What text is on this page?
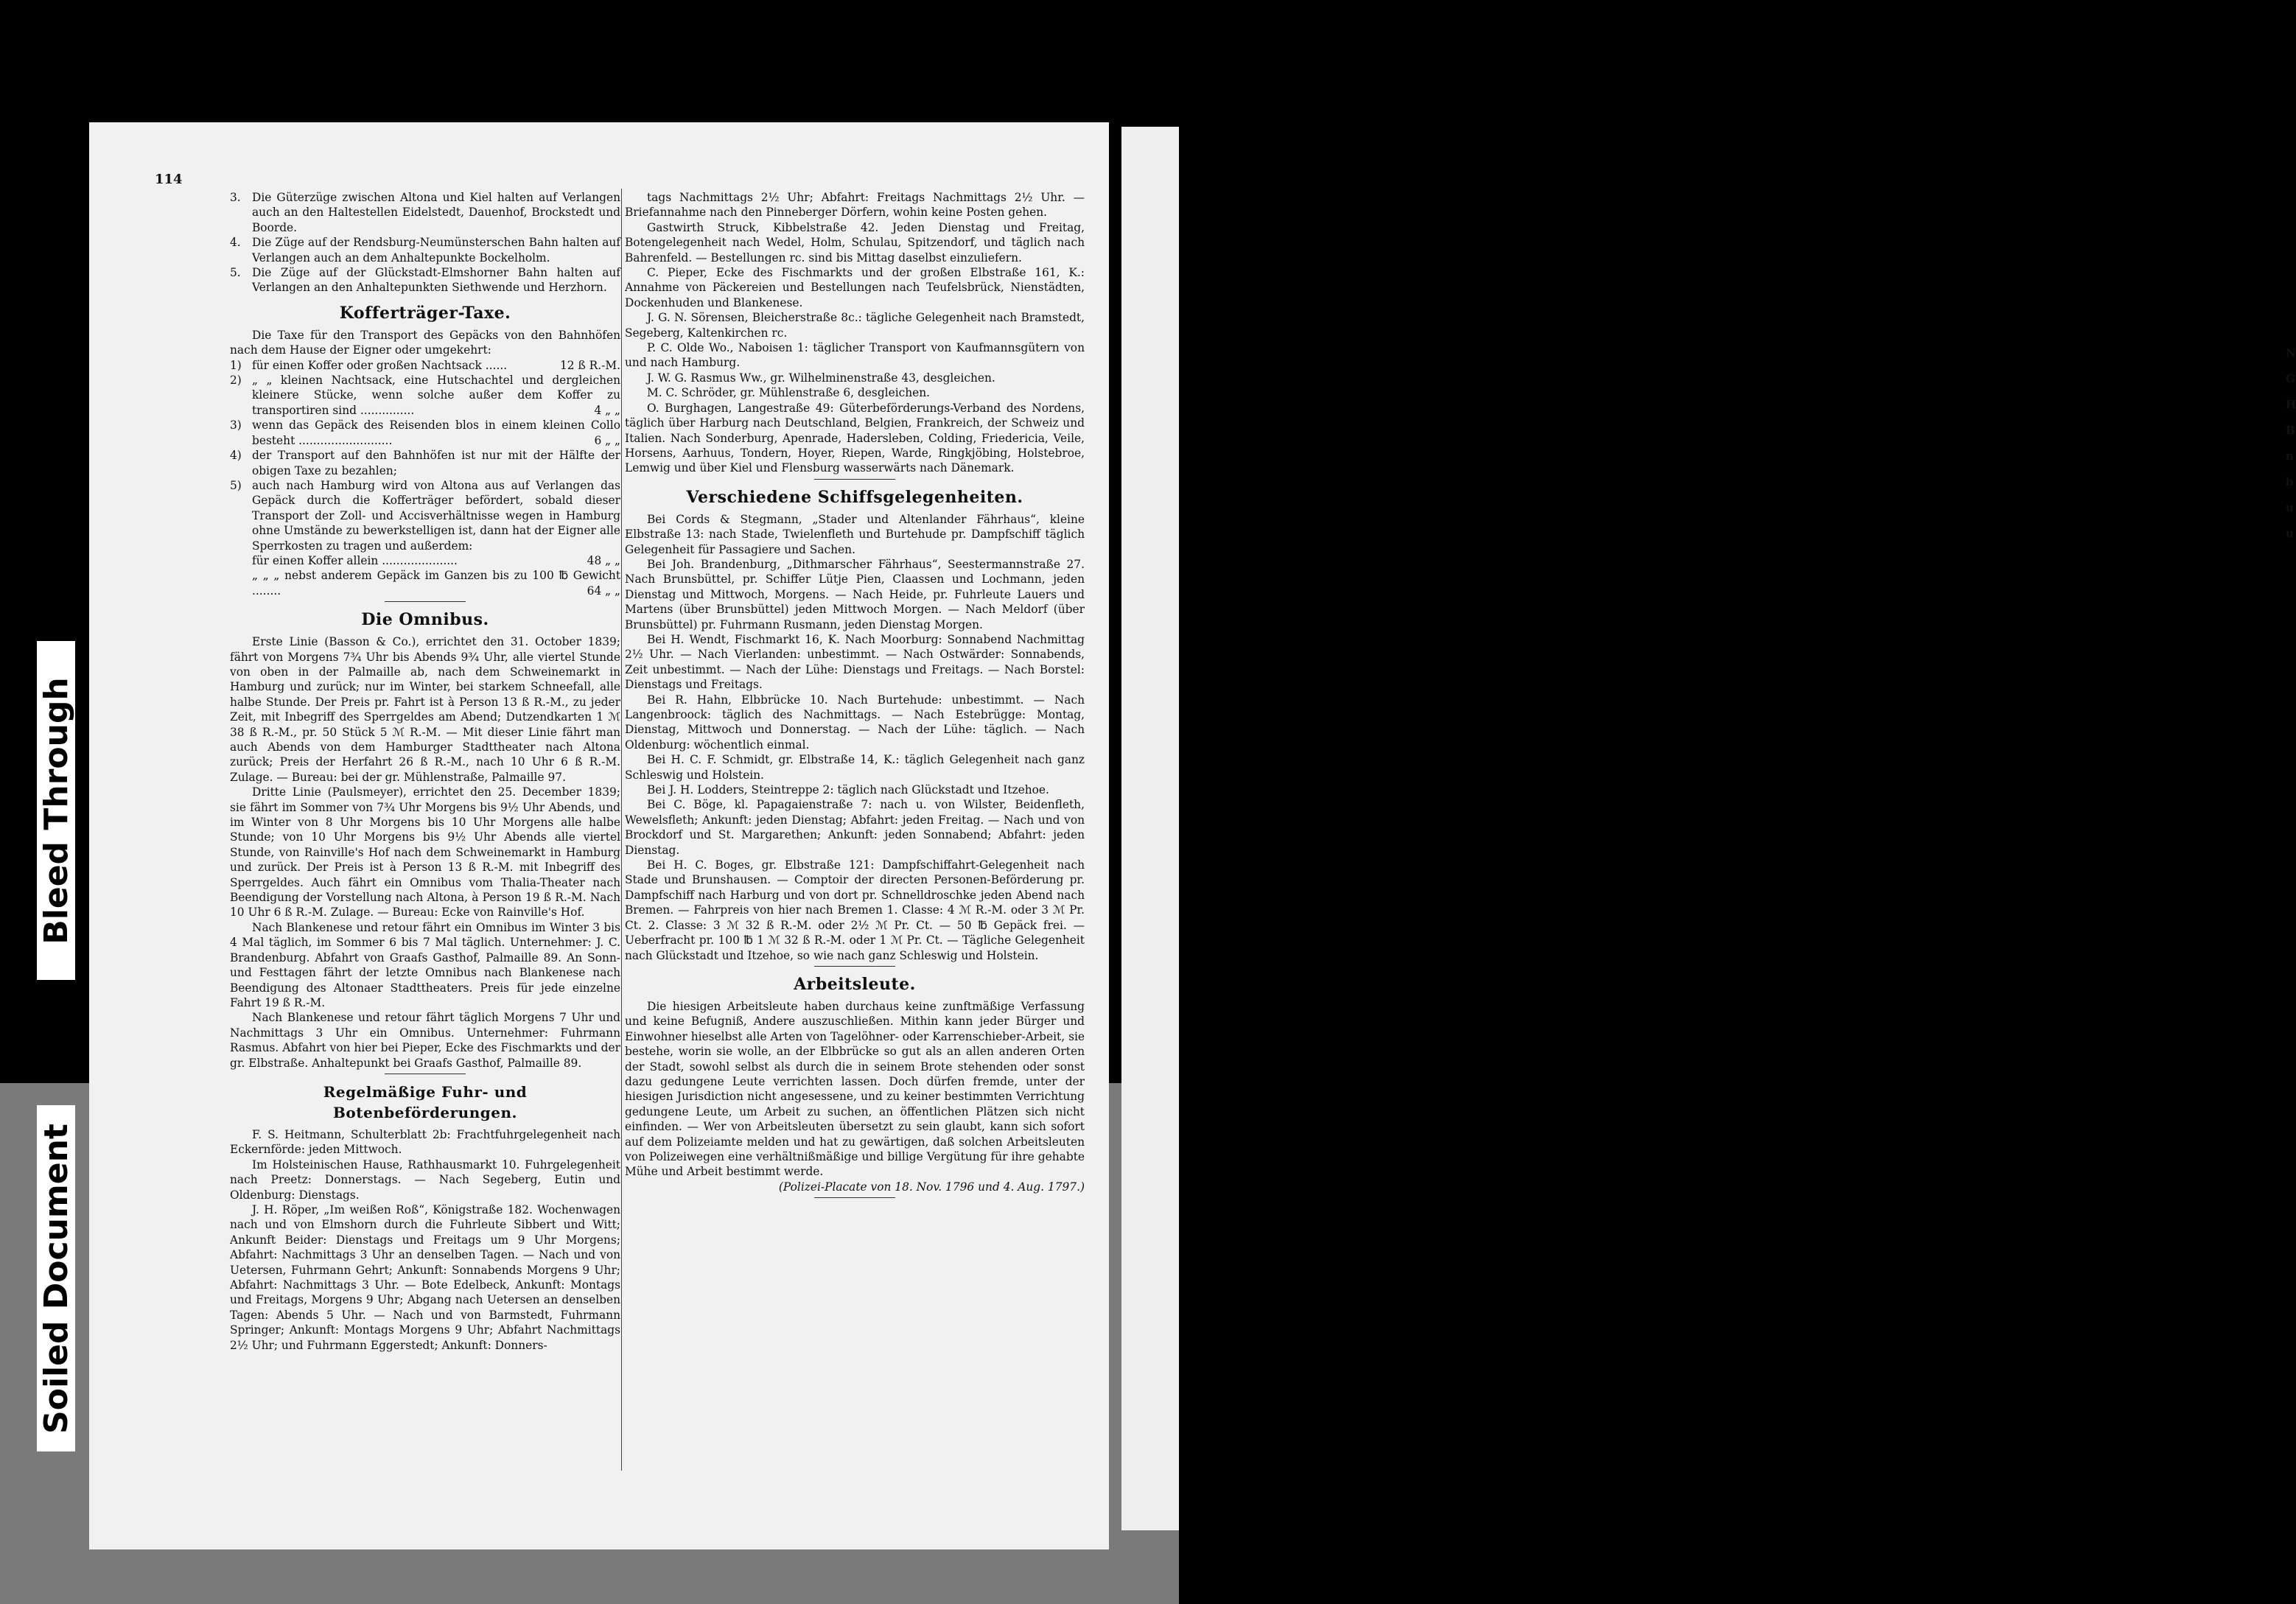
N
G
H
B
n
b
u
u
Bleed Through
Soiled Document
114
3. Die Güterzüge zwischen Altona und Kiel halten auf Verlangen auch an den Haltestellen Eidelstedt, Dauenhof, Brockstedt und Boorde.
4. Die Züge auf der Rendsburg-Neumünsterschen Bahn halten auf Verlangen auch an dem Anhaltepunkte Bockelholm.
5. Die Züge auf der Glückstadt-Elmshorner Bahn halten auf Verlangen an den Anhaltepunkten Siethwende und Herzhorn.
Kofferträger-Taxe.

Die Taxe für den Transport des Gepäcks von den Bahnhöfen nach dem Hause der Eigner oder umgekehrt:

1) für einen Koffer oder großen Nachtsack ......	12 ß R.-M.
2) „ „ kleinen Nachtsack, eine Hutschachtel und dergleichen kleinere Stücke, wenn solche außer dem Koffer zu transportiren sind ...............	4 „ „
3) wenn das Gepäck des Reisenden blos in einem kleinen Collo besteht ..........................	6 „ „
4) der Transport auf den Bahnhöfen ist nur mit der Hälfte der obigen Taxe zu bezahlen;
5) auch nach Hamburg wird von Altona aus auf Verlangen das Gepäck durch die Kofferträger befördert, sobald dieser Transport der Zoll- und Accisverhältnisse wegen in Hamburg ohne Umstände zu bewerkstelligen ist, dann hat der Eigner alle Sperrkosten zu tragen und außerdem:
für einen Koffer allein .....................	48 „ „
„ „ „ nebst anderem Gepäck im Ganzen bis zu 100 ℔ Gewicht ........	64 „ „
Die Omnibus.

Erste Linie (Basson & Co.), errichtet den 31. October 1839; fährt von Morgens 7¾ Uhr bis Abends 9¾ Uhr, alle viertel Stunde von oben in der Palmaille ab, nach dem Schweinemarkt in Hamburg und zurück; nur im Winter, bei starkem Schneefall, alle halbe Stunde. Der Preis pr. Fahrt ist à Person 13 ß R.-M., zu jeder Zeit, mit Inbegriff des Sperrgeldes am Abend; Dutzendkarten 1 ℳ 38 ß R.-M., pr. 50 Stück 5 ℳ R.-M. — Mit dieser Linie fährt man auch Abends von dem Hamburger Stadttheater nach Altona zurück; Preis der Herfahrt 26 ß R.-M., nach 10 Uhr 6 ß R.-M. Zulage. — Bureau: bei der gr. Mühlenstraße, Palmaille 97.

Dritte Linie (Paulsmeyer), errichtet den 25. December 1839; sie fährt im Sommer von 7¾ Uhr Morgens bis 9½ Uhr Abends, und im Winter von 8 Uhr Morgens bis 10 Uhr Morgens alle halbe Stunde; von 10 Uhr Morgens bis 9½ Uhr Abends alle viertel Stunde, von Rainville's Hof nach dem Schweinemarkt in Hamburg und zurück. Der Preis ist à Person 13 ß R.-M. mit Inbegriff des Sperrgeldes. Auch fährt ein Omnibus vom Thalia-Theater nach Beendigung der Vorstellung nach Altona, à Person 19 ß R.-M. Nach 10 Uhr 6 ß R.-M. Zulage. — Bureau: Ecke von Rainville's Hof.

Nach Blankenese und retour fährt ein Omnibus im Winter 3 bis 4 Mal täglich, im Sommer 6 bis 7 Mal täglich. Unternehmer: J. C. Brandenburg. Abfahrt von Graafs Gasthof, Palmaille 89. An Sonn- und Festtagen fährt der letzte Omnibus nach Blankenese nach Beendigung des Altonaer Stadttheaters. Preis für jede einzelne Fahrt 19 ß R.-M.

Nach Blankenese und retour fährt täglich Morgens 7 Uhr und Nachmittags 3 Uhr ein Omnibus. Unternehmer: Fuhrmann Rasmus. Abfahrt von hier bei Pieper, Ecke des Fischmarkts und der gr. Elbstraße. Anhaltepunkt bei Graafs Gasthof, Palmaille 89.

Regelmäßige Fuhr- und Botenbeförderungen.

F. S. Heitmann, Schulterblatt 2b: Frachtfuhrgelegenheit nach Eckernförde: jeden Mittwoch.

Im Holsteinischen Hause, Rathhausmarkt 10. Fuhrgelegenheit nach Preetz: Donnerstags. — Nach Segeberg, Eutin und Oldenburg: Dienstags.

J. H. Röper, „Im weißen Roß“, Königstraße 182. Wochenwagen nach und von Elmshorn durch die Fuhrleute Sibbert und Witt; Ankunft Beider: Dienstags und Freitags um 9 Uhr Morgens; Abfahrt: Nachmittags 3 Uhr an denselben Tagen. — Nach und von Uetersen, Fuhrmann Gehrt; Ankunft: Sonnabends Morgens 9 Uhr; Abfahrt: Nachmittags 3 Uhr. — Bote Edelbeck, Ankunft: Montags und Freitags, Morgens 9 Uhr; Abgang nach Uetersen an denselben Tagen: Abends 5 Uhr. — Nach und von Barmstedt, Fuhrmann Springer; Ankunft: Montags Morgens 9 Uhr; Abfahrt Nachmittags 2½ Uhr; und Fuhrmann Eggerstedt; Ankunft: Donners-

tags Nachmittags 2½ Uhr; Abfahrt: Freitags Nachmittags 2½ Uhr. — Briefannahme nach den Pinneberger Dörfern, wohin keine Posten gehen.

Gastwirth Struck, Kibbelstraße 42. Jeden Dienstag und Freitag, Botengelegenheit nach Wedel, Holm, Schulau, Spitzendorf, und täglich nach Bahrenfeld. — Bestellungen rc. sind bis Mittag daselbst einzuliefern.

C. Pieper, Ecke des Fischmarkts und der großen Elbstraße 161, K.: Annahme von Päckereien und Bestellungen nach Teufelsbrück, Nienstädten, Dockenhuden und Blankenese.

J. G. N. Sörensen, Bleicherstraße 8c.: tägliche Gelegenheit nach Bramstedt, Segeberg, Kaltenkirchen rc.

P. C. Olde Wo., Naboisen 1: täglicher Transport von Kaufmannsgütern von und nach Hamburg.

J. W. G. Rasmus Ww., gr. Wilhelminenstraße 43, desgleichen.

M. C. Schröder, gr. Mühlenstraße 6, desgleichen.

O. Burghagen, Langestraße 49: Güterbeförderungs-Verband des Nordens, täglich über Harburg nach Deutschland, Belgien, Frankreich, der Schweiz und Italien. Nach Sonderburg, Apenrade, Hadersleben, Colding, Friedericia, Veile, Horsens, Aarhuus, Tondern, Hoyer, Riepen, Warde, Ringkjöbing, Holstebroe, Lemwig und über Kiel und Flensburg wasserwärts nach Dänemark.

Verschiedene Schiffsgelegenheiten.

Bei Cords & Stegmann, „Stader und Altenlander Fährhaus“, kleine Elbstraße 13: nach Stade, Twielenfleth und Burtehude pr. Dampfschiff täglich Gelegenheit für Passagiere und Sachen.

Bei Joh. Brandenburg, „Dithmarscher Fährhaus“, Seestermannstraße 27. Nach Brunsbüttel, pr. Schiffer Lütje Pien, Claassen und Lochmann, jeden Dienstag und Mittwoch, Morgens. — Nach Heide, pr. Fuhrleute Lauers und Martens (über Brunsbüttel) jeden Mittwoch Morgen. — Nach Meldorf (über Brunsbüttel) pr. Fuhrmann Rusmann, jeden Dienstag Morgen.

Bei H. Wendt, Fischmarkt 16, K. Nach Moorburg: Sonnabend Nachmittag 2½ Uhr. — Nach Vierlanden: unbestimmt. — Nach Ostwärder: Sonnabends, Zeit unbestimmt. — Nach der Lühe: Dienstags und Freitags. — Nach Borstel: Dienstags und Freitags.

Bei R. Hahn, Elbbrücke 10. Nach Burtehude: unbestimmt. — Nach Langenbroock: täglich des Nachmittags. — Nach Estebrügge: Montag, Dienstag, Mittwoch und Donnerstag. — Nach der Lühe: täglich. — Nach Oldenburg: wöchentlich einmal.

Bei H. C. F. Schmidt, gr. Elbstraße 14, K.: täglich Gelegenheit nach ganz Schleswig und Holstein.

Bei J. H. Lodders, Steintreppe 2: täglich nach Glückstadt und Itzehoe.

Bei C. Böge, kl. Papagaienstraße 7: nach u. von Wilster, Beidenfleth, Wewelsfleth; Ankunft: jeden Dienstag; Abfahrt: jeden Freitag. — Nach und von Brockdorf und St. Margarethen; Ankunft: jeden Sonnabend; Abfahrt: jeden Dienstag.

Bei H. C. Boges, gr. Elbstraße 121: Dampfschiffahrt-Gelegenheit nach Stade und Brunshausen. — Comptoir der directen Personen-Beförderung pr. Dampfschiff nach Harburg und von dort pr. Schnelldroschke jeden Abend nach Bremen. — Fahrpreis von hier nach Bremen 1. Classe: 4 ℳ R.-M. oder 3 ℳ Pr. Ct. 2. Classe: 3 ℳ 32 ß R.-M. oder 2½ ℳ Pr. Ct. — 50 ℔ Gepäck frei. — Ueberfracht pr. 100 ℔ 1 ℳ 32 ß R.-M. oder 1 ℳ Pr. Ct. — Tägliche Gelegenheit nach Glückstadt und Itzehoe, so wie nach ganz Schleswig und Holstein.

Arbeitsleute.

Die hiesigen Arbeitsleute haben durchaus keine zunftmäßige Verfassung und keine Befugniß, Andere auszuschließen. Mithin kann jeder Bürger und Einwohner hieselbst alle Arten von Tagelöhner- oder Karrenschieber-Arbeit, sie bestehe, worin sie wolle, an der Elbbrücke so gut als an allen anderen Orten der Stadt, sowohl selbst als durch die in seinem Brote stehenden oder sonst dazu gedungene Leute verrichten lassen. Doch dürfen fremde, unter der hiesigen Jurisdiction nicht angesessene, und zu keiner bestimmten Verrichtung gedungene Leute, um Arbeit zu suchen, an öffentlichen Plätzen sich nicht einfinden. — Wer von Arbeitsleuten übersetzt zu sein glaubt, kann sich sofort auf dem Polizeiamte melden und hat zu gewärtigen, daß solchen Arbeitsleuten von Polizeiwegen eine verhältnißmäßige und billige Vergütung für ihre gehabte Mühe und Arbeit bestimmt werde.

(Polizei-Placate von 18. Nov. 1796 und 4. Aug. 1797.)
